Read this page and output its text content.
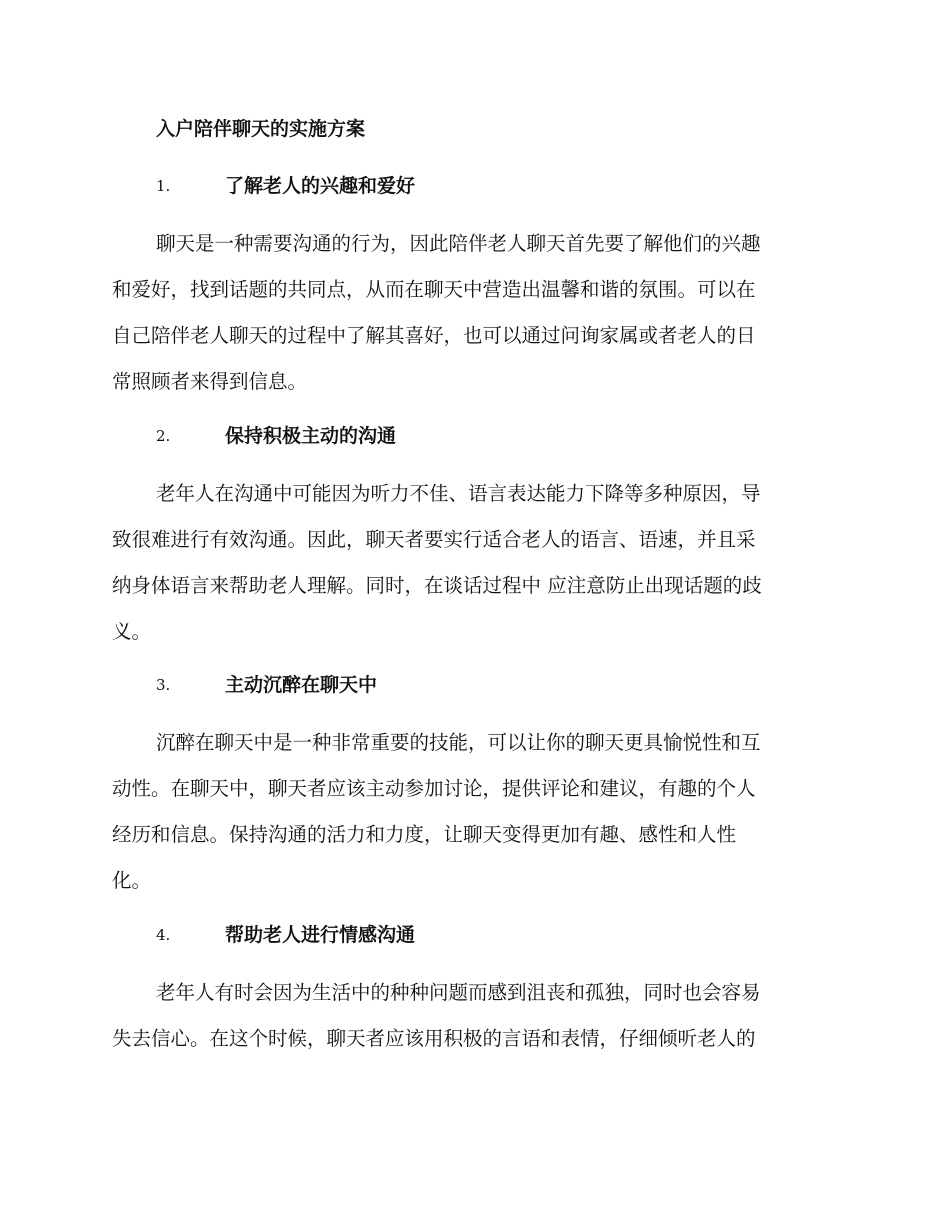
入户陪伴聊天的实施方案
1.	了解老人的兴趣和爱好
聊天是一种需要沟通的行为，因此陪伴老人聊天首先要了解他们的兴趣
和爱好，找到话题的共同点，从而在聊天中营造出温馨和谐的氛围。可以在
自己陪伴老人聊天的过程中了解其喜好，也可以通过问询家属或者老人的日
常照顾者来得到信息。
2.	保持积极主动的沟通
老年人在沟通中可能因为听力不佳、语言表达能力下降等多种原因，导
致很难进行有效沟通。因此，聊天者要实行适合老人的语言、语速，并且采
纳身体语言来帮助老人理解。同时，在谈话过程中 应注意防止出现话题的歧
义。
3.	主动沉醉在聊天中
沉醉在聊天中是一种非常重要的技能，可以让你的聊天更具愉悦性和互
动性。在聊天中，聊天者应该主动参加讨论，提供评论和建议，有趣的个人
经历和信息。保持沟通的活力和力度，让聊天变得更加有趣、感性和人性
化。
4.	帮助老人进行情感沟通
老年人有时会因为生活中的种种问题而感到沮丧和孤独，同时也会容易
失去信心。在这个时候，聊天者应该用积极的言语和表情，仔细倾听老人的
